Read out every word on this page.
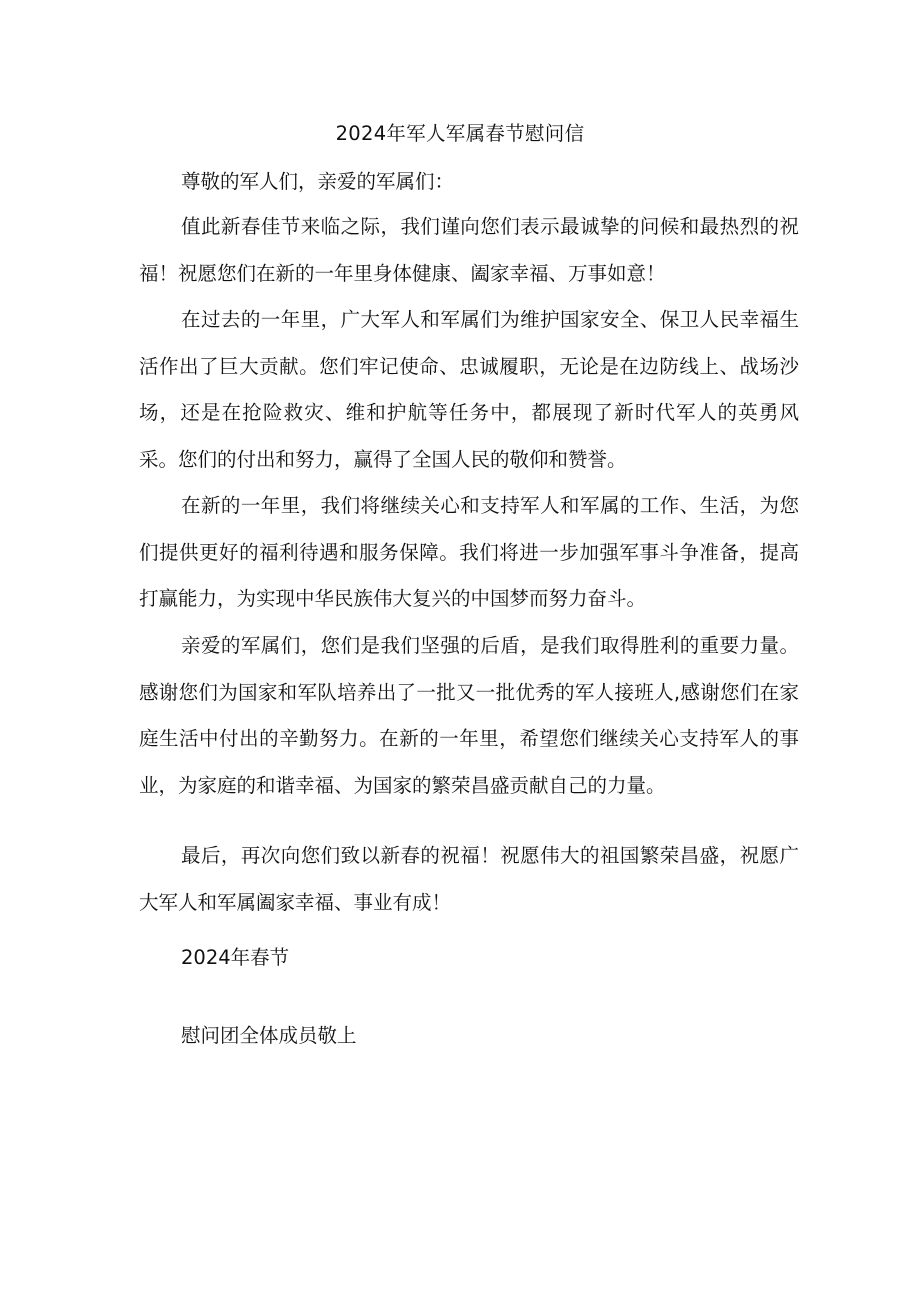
2024年军人军属春节慰问信
尊敬的军人们，亲爱的军属们：

值此新春佳节来临之际，我们谨向您们表示最诚挚的问候和最热烈的祝福！祝愿您们在新的一年里身体健康、阖家幸福、万事如意！

在过去的一年里，广大军人和军属们为维护国家安全、保卫人民幸福生活作出了巨大贡献。您们牢记使命、忠诚履职，无论是在边防线上、战场沙场，还是在抢险救灾、维和护航等任务中，都展现了新时代军人的英勇风采。您们的付出和努力，赢得了全国人民的敬仰和赞誉。

在新的一年里，我们将继续关心和支持军人和军属的工作、生活，为您们提供更好的福利待遇和服务保障。我们将进一步加强军事斗争准备，提高打赢能力，为实现中华民族伟大复兴的中国梦而努力奋斗。

亲爱的军属们，您们是我们坚强的后盾，是我们取得胜利的重要力量。感谢您们为国家和军队培养出了一批又一批优秀的军人接班人,感谢您们在家庭生活中付出的辛勤努力。在新的一年里，希望您们继续关心支持军人的事业，为家庭的和谐幸福、为国家的繁荣昌盛贡献自己的力量。

最后，再次向您们致以新春的祝福！祝愿伟大的祖国繁荣昌盛，祝愿广大军人和军属阖家幸福、事业有成！

2024年春节
慰问团全体成员敬上
